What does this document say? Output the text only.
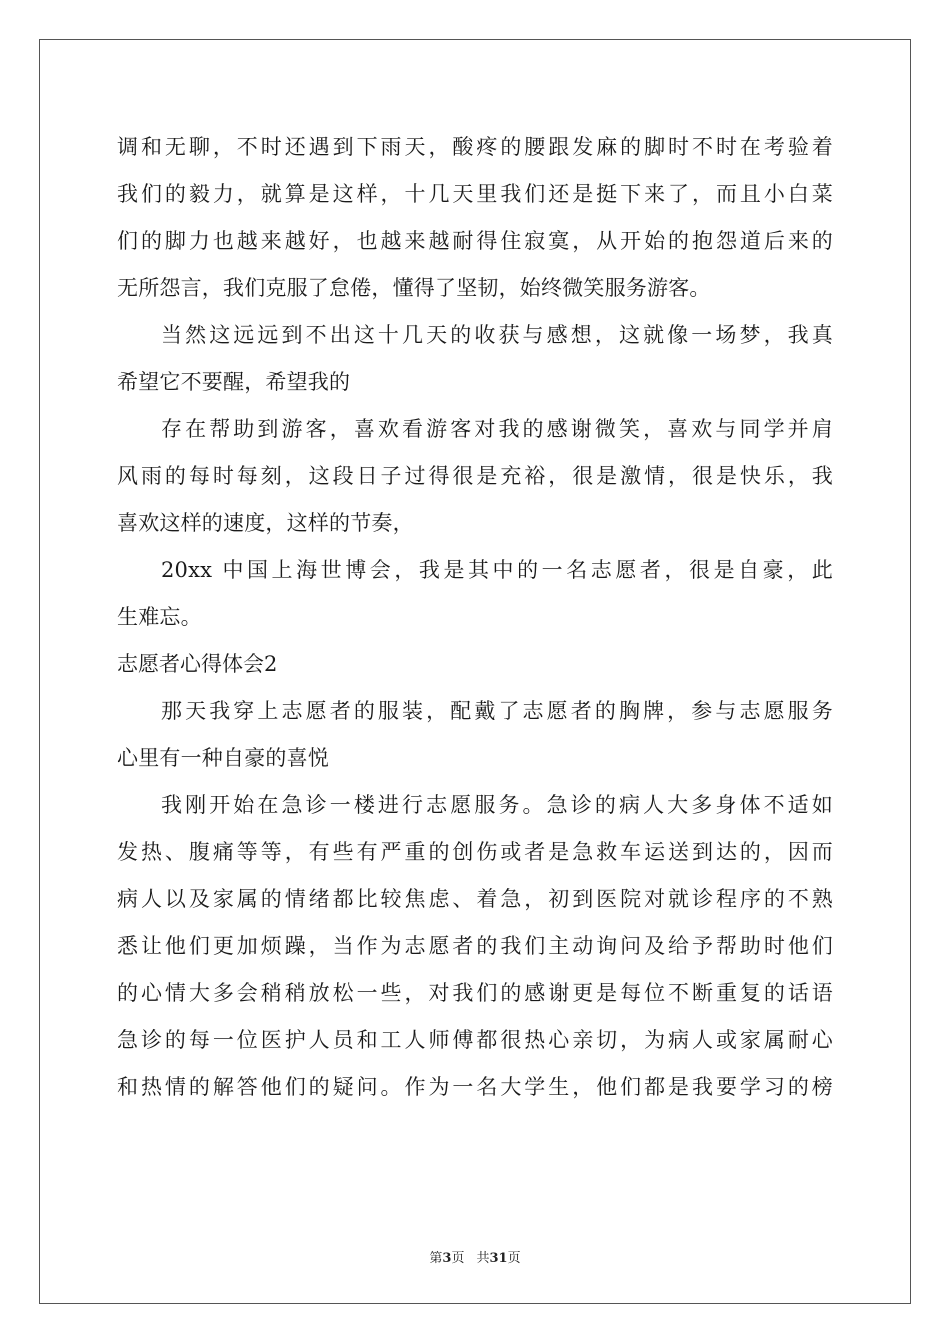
调和无聊，不时还遇到下雨天，酸疼的腰跟发麻的脚时不时在考验着
我们的毅力，就算是这样，十几天里我们还是挺下来了，而且小白菜
们的脚力也越来越好，也越来越耐得住寂寞，从开始的抱怨道后来的
无所怨言，我们克服了怠倦，懂得了坚韧，始终微笑服务游客。
当然这远远到不出这十几天的收获与感想，这就像一场梦，我真
希望它不要醒，希望我的
存在帮助到游客，喜欢看游客对我的感谢微笑，喜欢与同学并肩
风雨的每时每刻，这段日子过得很是充裕，很是激情，很是快乐，我
喜欢这样的速度，这样的节奏，
20xx 中国上海世博会，我是其中的一名志愿者，很是自豪，此
生难忘。
志愿者心得体会2
那天我穿上志愿者的服装，配戴了志愿者的胸牌，参与志愿服务
心里有一种自豪的喜悦
我刚开始在急诊一楼进行志愿服务。急诊的病人大多身体不适如
发热、腹痛等等，有些有严重的创伤或者是急救车运送到达的，因而
病人以及家属的情绪都比较焦虑、着急，初到医院对就诊程序的不熟
悉让他们更加烦躁，当作为志愿者的我们主动询问及给予帮助时他们
的心情大多会稍稍放松一些，对我们的感谢更是每位不断重复的话语
急诊的每一位医护人员和工人师傅都很热心亲切，为病人或家属耐心
和热情的解答他们的疑问。作为一名大学生，他们都是我要学习的榜
第3页 共31页
